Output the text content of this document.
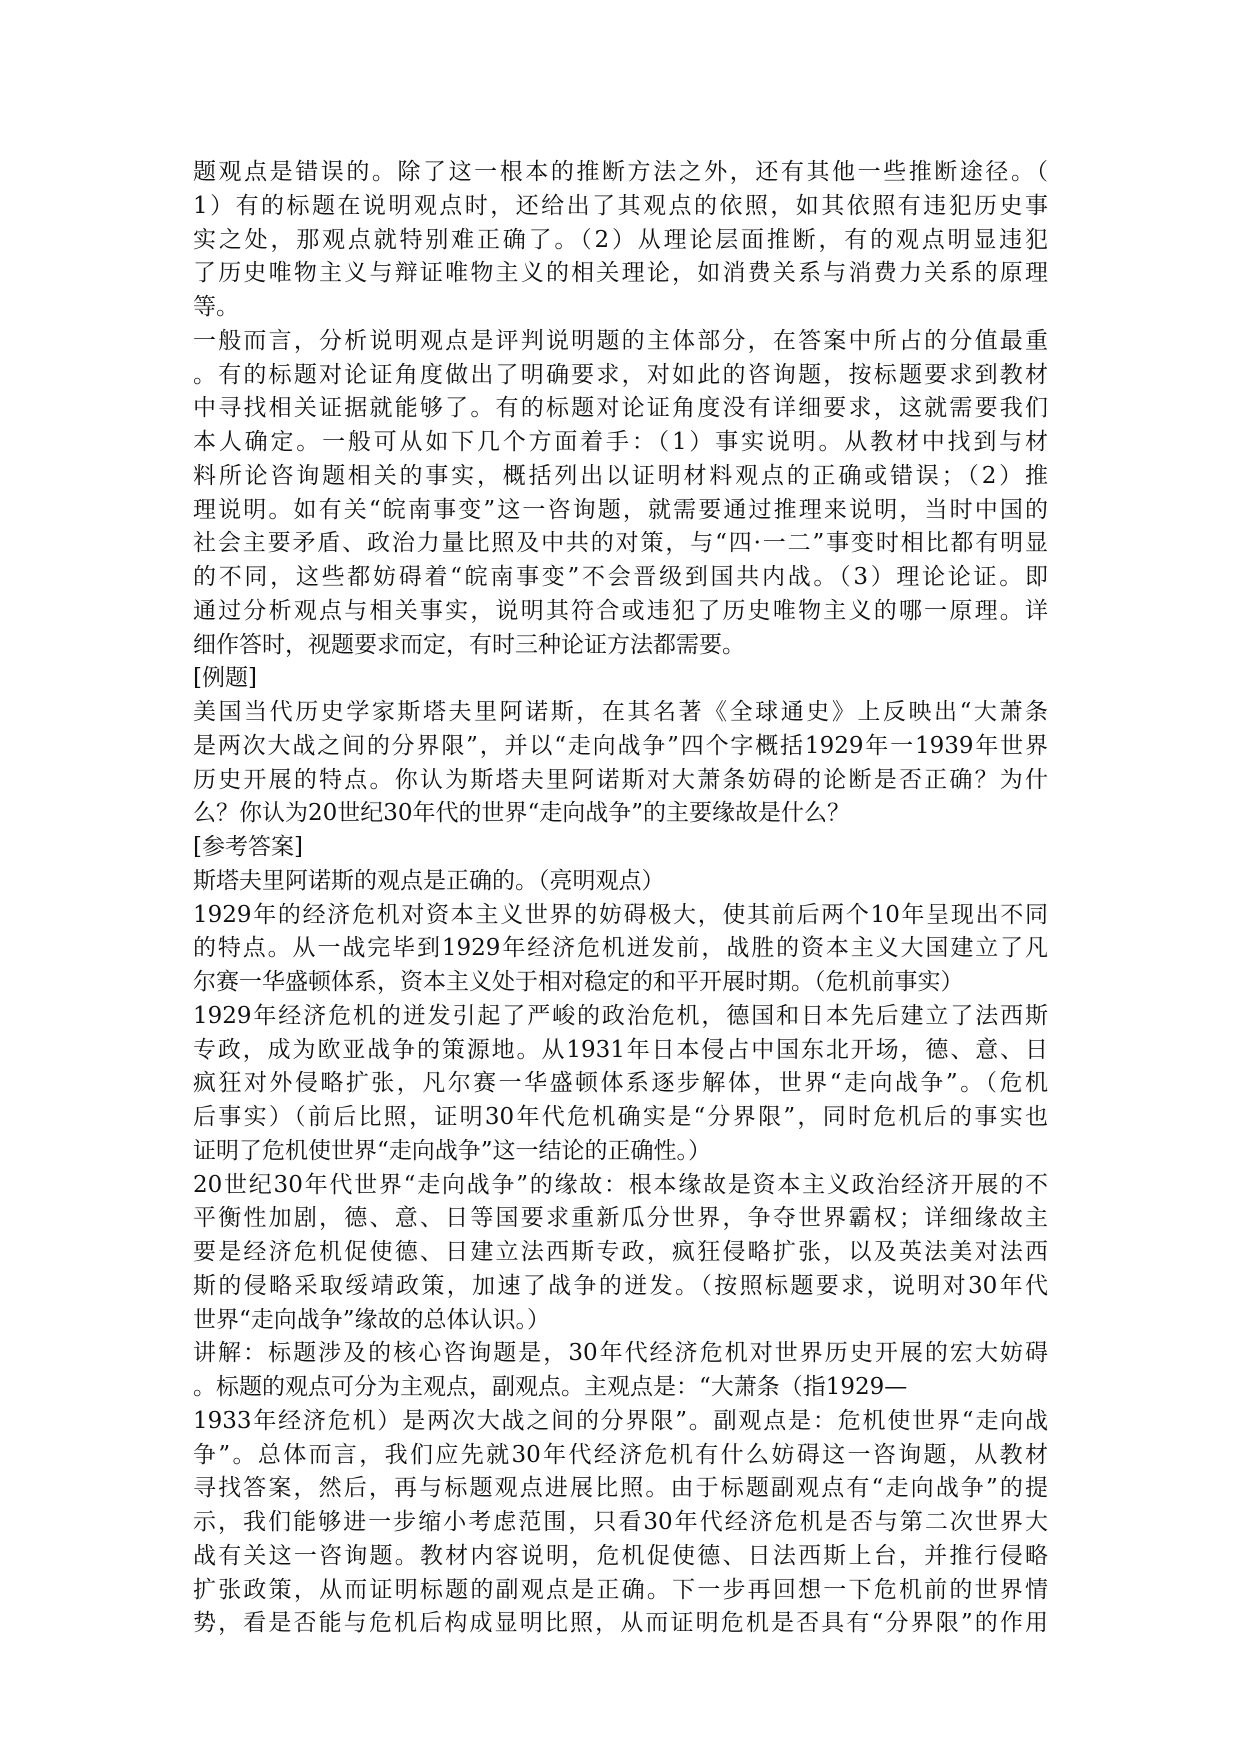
题观点是错误的。除了这一根本的推断方法之外，还有其他一些推断途径。（
1）有的标题在说明观点时，还给出了其观点的依照，如其依照有违犯历史事
实之处，那观点就特别难正确了。（2）从理论层面推断，有的观点明显违犯
了历史唯物主义与辩证唯物主义的相关理论，如消费关系与消费力关系的原理
等。
一般而言，分析说明观点是评判说明题的主体部分，在答案中所占的分值最重
。有的标题对论证角度做出了明确要求，对如此的咨询题，按标题要求到教材
中寻找相关证据就能够了。有的标题对论证角度没有详细要求，这就需要我们
本人确定。一般可从如下几个方面着手：（1）事实说明。从教材中找到与材
料所论咨询题相关的事实，概括列出以证明材料观点的正确或错误；（2）推
理说明。如有关“皖南事变”这一咨询题，就需要通过推理来说明，当时中国的
社会主要矛盾、政治力量比照及中共的对策，与“四·一二”事变时相比都有明显
的不同，这些都妨碍着“皖南事变”不会晋级到国共内战。（3）理论论证。即
通过分析观点与相关事实，说明其符合或违犯了历史唯物主义的哪一原理。详
细作答时，视题要求而定，有时三种论证方法都需要。
[例题]
美国当代历史学家斯塔夫里阿诺斯，在其名著《全球通史》上反映出“大萧条
是两次大战之间的分界限”，并以“走向战争”四个字概括1929年一1939年世界
历史开展的特点。你认为斯塔夫里阿诺斯对大萧条妨碍的论断是否正确？为什
么？你认为20世纪30年代的世界“走向战争”的主要缘故是什么？
[参考答案]
斯塔夫里阿诺斯的观点是正确的。（亮明观点）
1929年的经济危机对资本主义世界的妨碍极大，使其前后两个10年呈现出不同
的特点。从一战完毕到1929年经济危机迸发前，战胜的资本主义大国建立了凡
尔赛一华盛顿体系，资本主义处于相对稳定的和平开展时期。（危机前事实）
1929年经济危机的迸发引起了严峻的政治危机，德国和日本先后建立了法西斯
专政，成为欧亚战争的策源地。从1931年日本侵占中国东北开场，德、意、日
疯狂对外侵略扩张，凡尔赛一华盛顿体系逐步解体，世界“走向战争”。（危机
后事实）（前后比照，证明30年代危机确实是“分界限”，同时危机后的事实也
证明了危机使世界“走向战争”这一结论的正确性。）
20世纪30年代世界“走向战争”的缘故：根本缘故是资本主义政治经济开展的不
平衡性加剧，德、意、日等国要求重新瓜分世界，争夺世界霸权；详细缘故主
要是经济危机促使德、日建立法西斯专政，疯狂侵略扩张，以及英法美对法西
斯的侵略采取绥靖政策，加速了战争的迸发。（按照标题要求，说明对30年代
世界“走向战争”缘故的总体认识。）
讲解：标题涉及的核心咨询题是，30年代经济危机对世界历史开展的宏大妨碍
。标题的观点可分为主观点，副观点。主观点是：“大萧条（指1929—
1933年经济危机）是两次大战之间的分界限”。副观点是：危机使世界“走向战
争”。总体而言，我们应先就30年代经济危机有什么妨碍这一咨询题，从教材
寻找答案，然后，再与标题观点进展比照。由于标题副观点有“走向战争”的提
示，我们能够进一步缩小考虑范围，只看30年代经济危机是否与第二次世界大
战有关这一咨询题。教材内容说明，危机促使德、日法西斯上台，并推行侵略
扩张政策，从而证明标题的副观点是正确。下一步再回想一下危机前的世界情
势，看是否能与危机后构成显明比照，从而证明危机是否具有“分界限”的作用
